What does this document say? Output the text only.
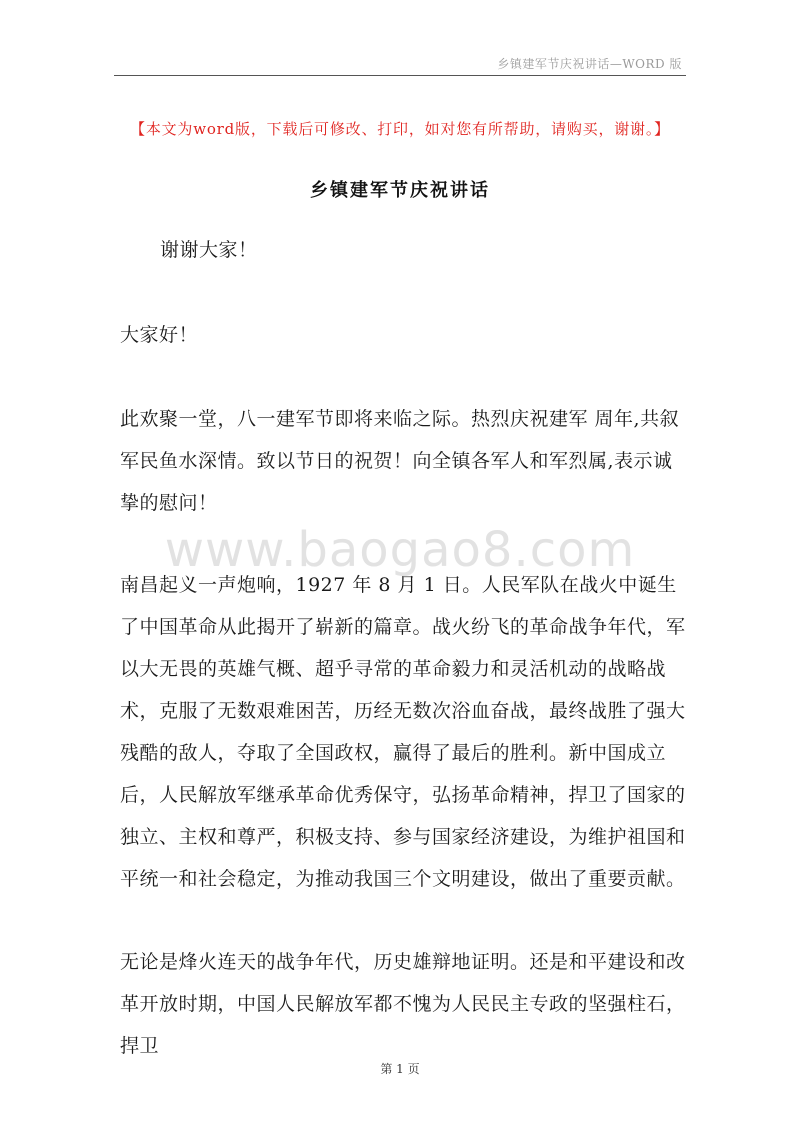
乡镇建军节庆祝讲话—WORD 版
【本文为word版，下载后可修改、打印，如对您有所帮助，请购买，谢谢。】
乡镇建军节庆祝讲话

谢谢大家！

大家好！

此欢聚一堂，八一建军节即将来临之际。热烈庆祝建军 周年,共叙军民鱼水深情。致以节日的祝贺！向全镇各军人和军烈属,表示诚挚的慰问！

南昌起义一声炮响，1927 年 8 月 1 日。人民军队在战火中诞生了中国革命从此揭开了崭新的篇章。战火纷飞的革命战争年代，军以大无畏的英雄气概、超乎寻常的革命毅力和灵活机动的战略战术，克服了无数艰难困苦，历经无数次浴血奋战，最终战胜了强大残酷的敌人，夺取了全国政权，赢得了最后的胜利。新中国成立后，人民解放军继承革命优秀保守，弘扬革命精神，捍卫了国家的独立、主权和尊严，积极支持、参与国家经济建设，为维护祖国和平统一和社会稳定，为推动我国三个文明建设，做出了重要贡献。

无论是烽火连天的战争年代，历史雄辩地证明。还是和平建设和改革开放时期，中国人民解放军都不愧为人民民主专政的坚强柱石，捍卫

www.baogao8.com
第 1 页
